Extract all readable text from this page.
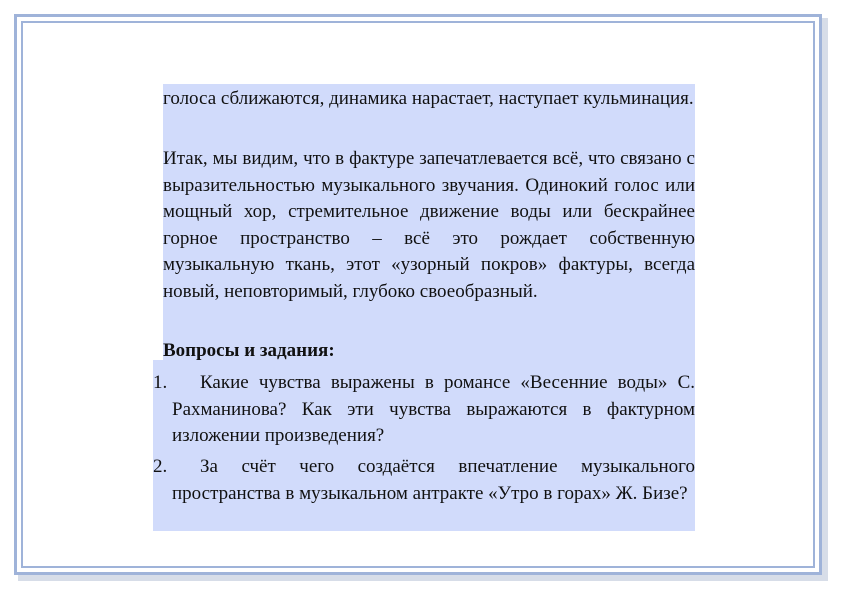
голоса сближаются, динамика нарастает, наступает кульминация.

Итак, мы видим, что в фактуре запечатлевается всё, что связано с выразительностью музыкального звучания. Одинокий голос или мощный хор, стремительное движение воды или бескрайнее горное пространство – всё это рождает собственную музыкальную ткань, этот «узорный покров» фактуры, всегда новый, неповторимый, глубоко своеобразный.

Вопросы и задания:

1.	Какие чувства выражены в романсе «Весенние воды» С. Рахманинова? Как эти чувства выражаются в фактурном изложении произведения?

2.	За счёт чего создаётся впечатление музыкального пространства в музыкальном антракте «Утро в горах» Ж. Бизе?
